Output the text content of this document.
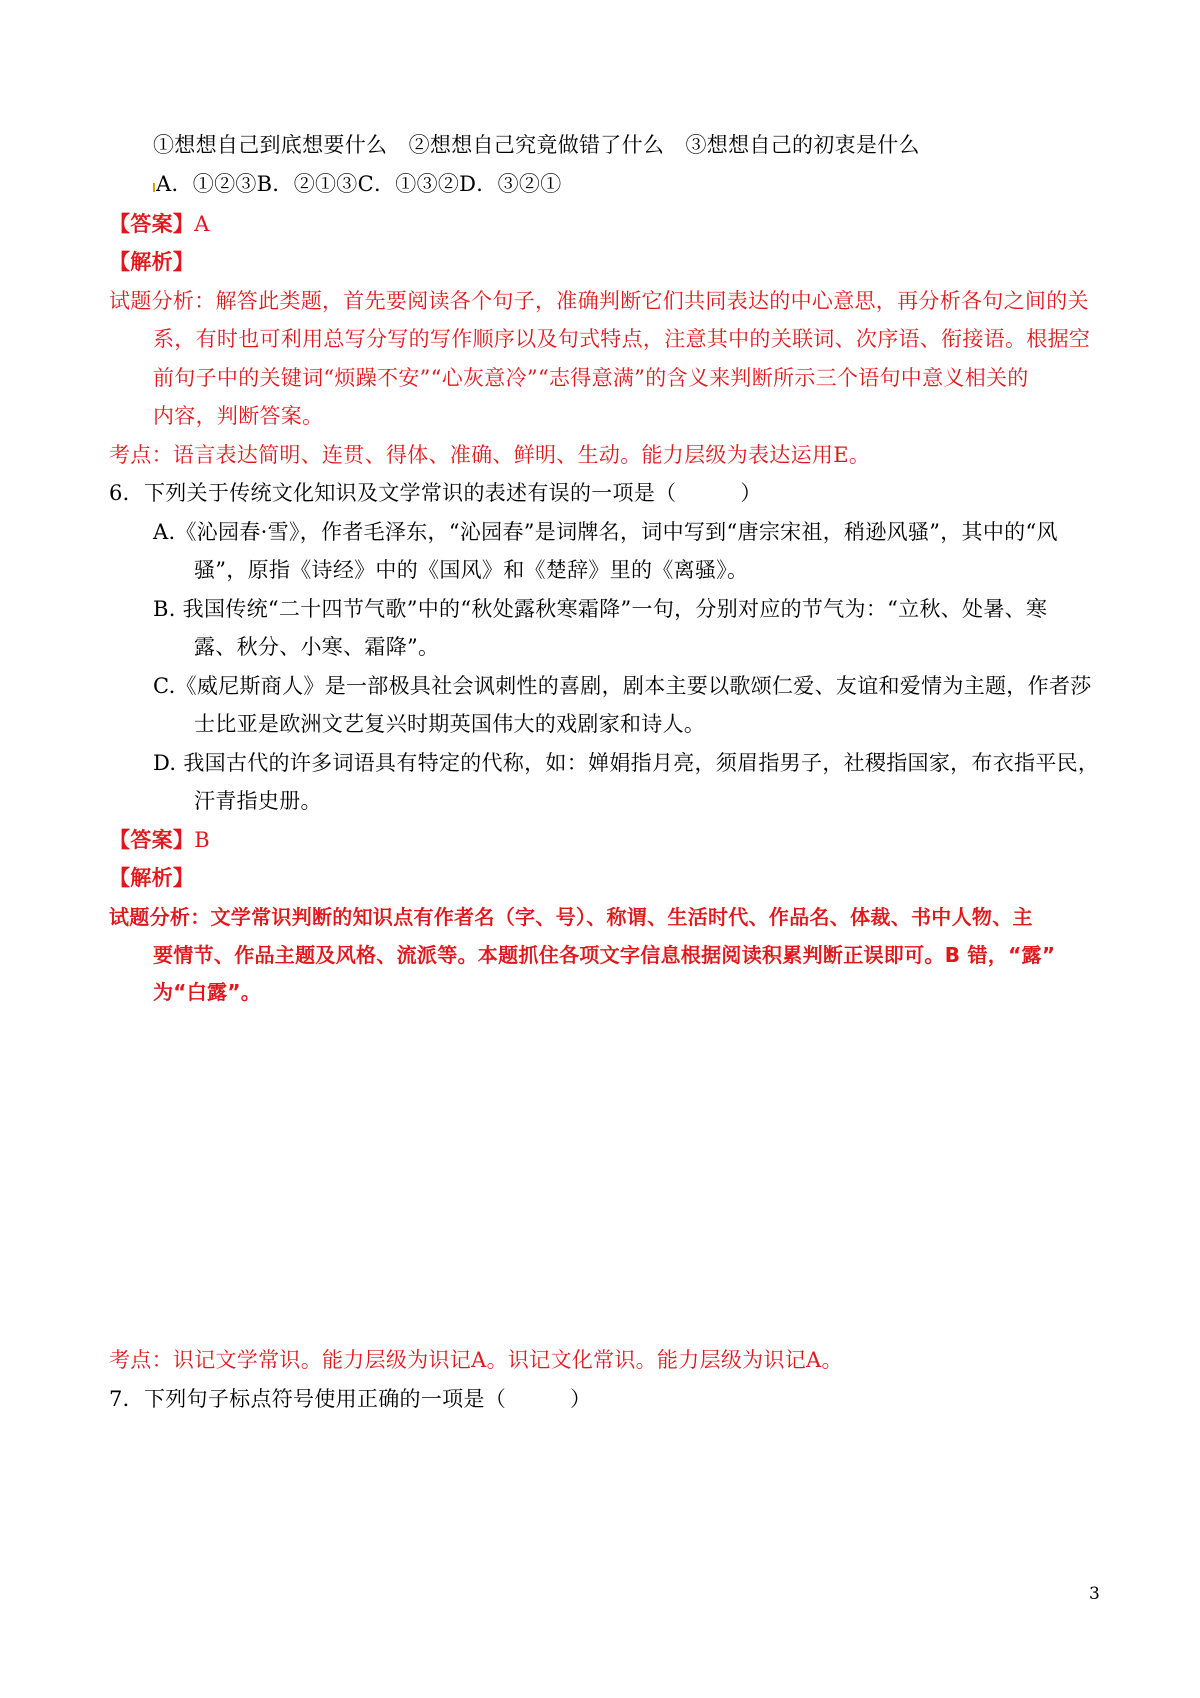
①想想自己到底想要什么　②想想自己究竟做错了什么　③想想自己的初衷是什么
A．①②③B．②①③C．①③②D．③②①
【答案】A
【解析】
试题分析：解答此类题，首先要阅读各个句子，准确判断它们共同表达的中心意思，再分析各句之间的关
系，有时也可利用总写分写的写作顺序以及句式特点，注意其中的关联词、次序语、衔接语。根据空
前句子中的关键词“烦躁不安”“心灰意冷”“志得意满”的含义来判断所示三个语句中意义相关的
内容，判断答案。
考点：语言表达简明、连贯、得体、准确、鲜明、生动。能力层级为表达运用E。
6．下列关于传统文化知识及文学常识的表述有误的一项是（　　　）
A.《沁园春·雪》，作者毛泽东，“沁园春”是词牌名，词中写到“唐宗宋祖，稍逊风骚”，其中的“风
骚”，原指《诗经》中的《国风》和《楚辞》里的《离骚》。
B. 我国传统“二十四节气歌”中的“秋处露秋寒霜降”一句，分别对应的节气为：“立秋、处暑、寒
露、秋分、小寒、霜降”。
C.《威尼斯商人》是一部极具社会讽刺性的喜剧，剧本主要以歌颂仁爱、友谊和爱情为主题，作者莎
士比亚是欧洲文艺复兴时期英国伟大的戏剧家和诗人。
D. 我国古代的许多词语具有特定的代称，如：婵娟指月亮，须眉指男子，社稷指国家，布衣指平民，
汗青指史册。
【答案】B
【解析】
试题分析：文学常识判断的知识点有作者名（字、号）、称谓、生活时代、作品名、体裁、书中人物、主
要情节、作品主题及风格、流派等。本题抓住各项文字信息根据阅读积累判断正误即可。B 错，“露”
为“白露”。
考点：识记文学常识。能力层级为识记A。识记文化常识。能力层级为识记A。
7．下列句子标点符号使用正确的一项是（　　　）
3
